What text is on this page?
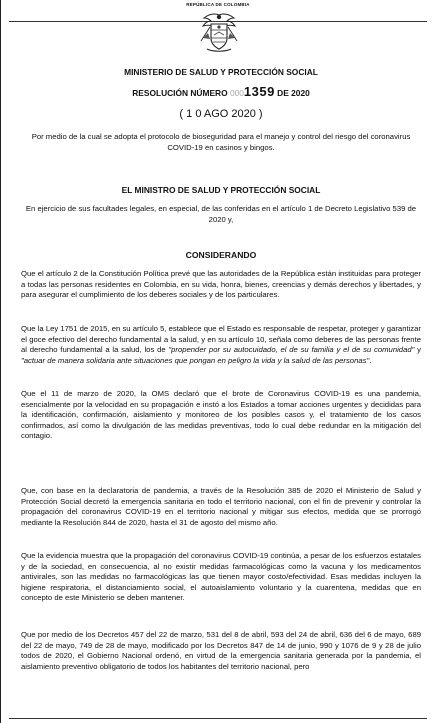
REPÚBLICA DE COLOMBIA
MINISTERIO DE SALUD Y PROTECCIÓN SOCIAL
RESOLUCIÓN NÚMERO 0001359 DE 2020
( 1 0 AGO 2020 )
Por medio de la cual se adopta el protocolo de bioseguridad para el manejo y control del riesgo del coronavirus COVID-19 en casinos y bingos.
EL MINISTRO DE SALUD Y PROTECCIÓN SOCIAL
En ejercicio de sus facultades legales, en especial, de las conferidas en el artículo 1 de Decreto Legislativo 539 de 2020 y,
CONSIDERANDO
Que el artículo 2 de la Constitución Política prevé que las autoridades de la República están instituidas para proteger a todas las personas residentes en Colombia, en su vida, honra, bienes, creencias y demás derechos y libertades, y para asegurar el cumplimiento de los deberes sociales y de los particulares.
Que la Ley 1751 de 2015, en su artículo 5, establece que el Estado es responsable de respetar, proteger y garantizar el goce efectivo del derecho fundamental a la salud, y en su artículo 10, señala como deberes de las personas frente al derecho fundamental a la salud, los de "propender por su autocuidado, el de su familia y el de su comunidad" y "actuar de manera solidaria ante situaciones que pongan en peligro la vida y la salud de las personas".
Que el 11 de marzo de 2020, la OMS declaró que el brote de Coronavirus COVID-19 es una pandemia, esencialmente por la velocidad en su propagación e instó a los Estados a tomar acciones urgentes y decididas para la identificación, confirmación, aislamiento y monitoreo de los posibles casos y, el tratamiento de los casos confirmados, así como la divulgación de las medidas preventivas, todo lo cual debe redundar en la mitigación del contagio.
Que, con base en la declaratoria de pandemia, a través de la Resolución 385 de 2020 el Ministerio de Salud y Protección Social decretó la emergencia sanitaria en todo el territorio nacional, con el fin de prevenir y controlar la propagación del coronavirus COVID-19 en el territorio nacional y mitigar sus efectos, medida que se prorrogó mediante la Resolución 844 de 2020, hasta el 31 de agosto del mismo año.
Que la evidencia muestra que la propagación del coronavirus COVID-19 continúa, a pesar de los esfuerzos estatales y de la sociedad, en consecuencia, al no existir medidas farmacológicas como la vacuna y los medicamentos antivirales, son las medidas no farmacológicas las que tienen mayor costo/efectividad. Esas medidas incluyen la higiene respiratoria, el distanciamiento social, el autoaislamiento voluntario y la cuarentena, medidas que en concepto de este Ministerio se deben mantener.
Que por medio de los Decretos 457 del 22 de marzo, 531 del 8 de abril, 593 del 24 de abril, 636 del 6 de mayo, 689 del 22 de mayo, 749 de 28 de mayo, modificado por los Decretos 847 de 14 de junio, 990 y 1076 de 9 y 28 de julio todos de 2020, el Gobierno Nacional ordenó, en virtud de la emergencia sanitaria generada por la pandemia, el aislamiento preventivo obligatorio de todos los habitantes del territorio nacional, pero
